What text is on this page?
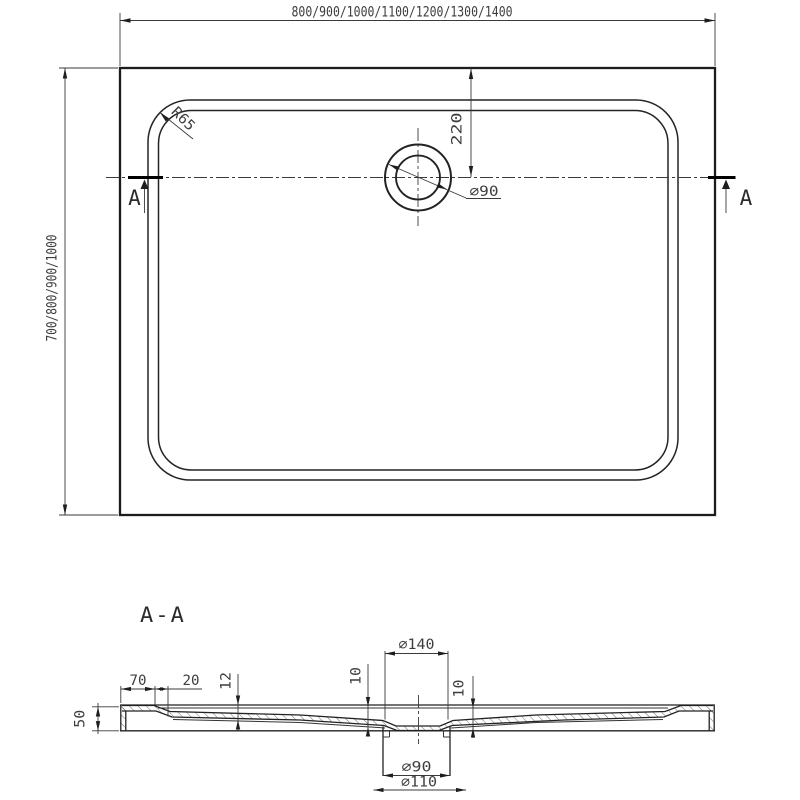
800/900/1000/1100/1200/1300/1400
700/800/900/1000
R65	220
⌀90
A	A
A-A
50
70	20 12	10
10
⌀140
⌀90
⌀110
